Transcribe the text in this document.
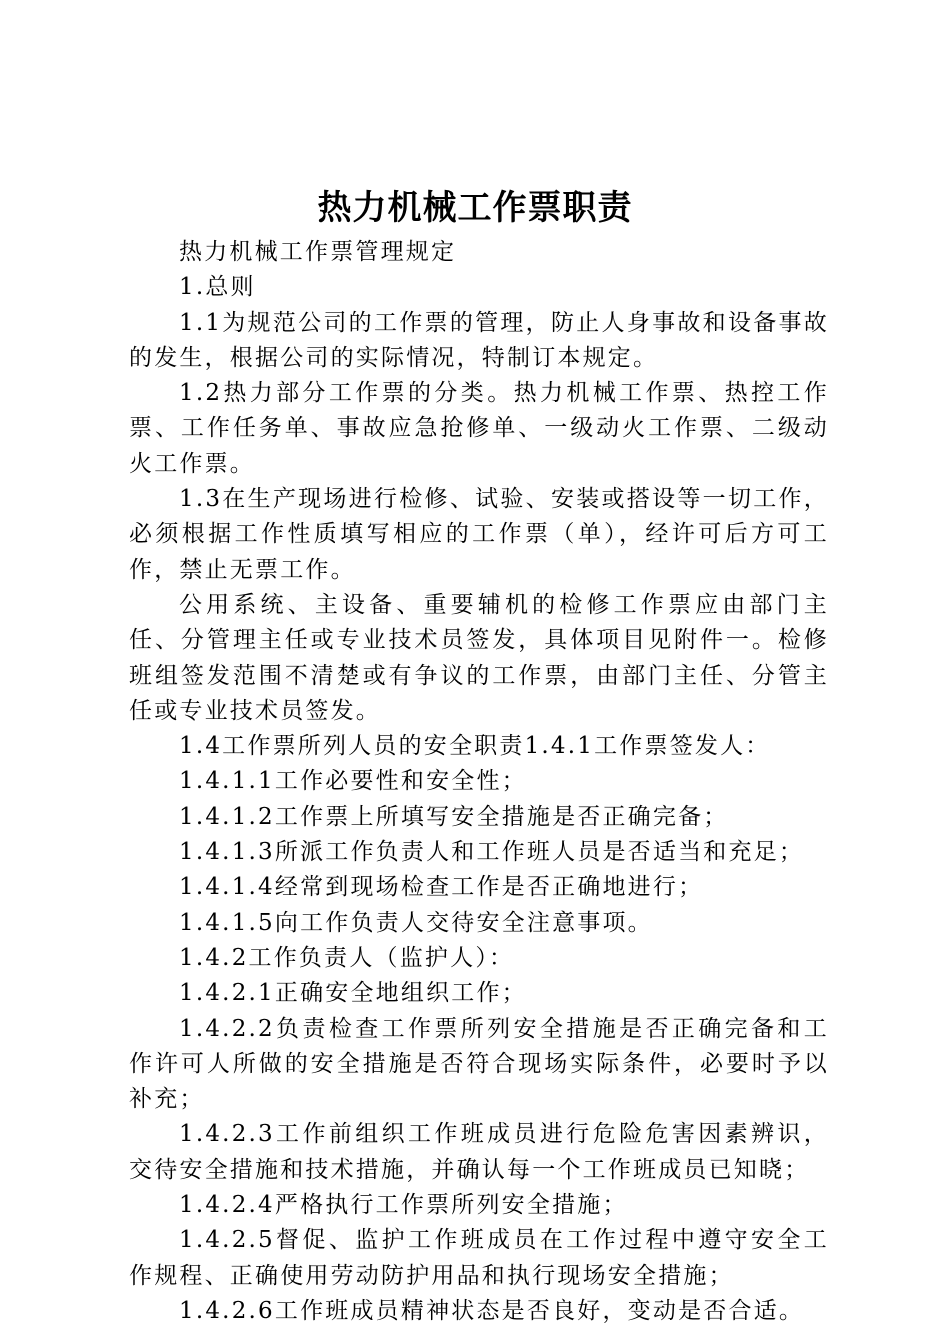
热力机械工作票职责

热力机械工作票管理规定

1.总则

1.1为规范公司的工作票的管理，防止人身事故和设备事故的发生，根据公司的实际情况，特制订本规定。

1.2热力部分工作票的分类。热力机械工作票、热控工作票、工作任务单、事故应急抢修单、一级动火工作票、二级动火工作票。

1.3在生产现场进行检修、试验、安装或搭设等一切工作，必须根据工作性质填写相应的工作票（单），经许可后方可工作，禁止无票工作。

公用系统、主设备、重要辅机的检修工作票应由部门主任、分管理主任或专业技术员签发，具体项目见附件一。检修班组签发范围不清楚或有争议的工作票，由部门主任、分管主任或专业技术员签发。

1.4工作票所列人员的安全职责1.4.1工作票签发人：

1.4.1.1工作必要性和安全性；

1.4.1.2工作票上所填写安全措施是否正确完备；

1.4.1.3所派工作负责人和工作班人员是否适当和充足；

1.4.1.4经常到现场检查工作是否正确地进行；

1.4.1.5向工作负责人交待安全注意事项。

1.4.2工作负责人（监护人）：

1.4.2.1正确安全地组织工作；

1.4.2.2负责检查工作票所列安全措施是否正确完备和工作许可人所做的安全措施是否符合现场实际条件，必要时予以补充；

1.4.2.3工作前组织工作班成员进行危险危害因素辨识，交待安全措施和技术措施，并确认每一个工作班成员已知晓；

1.4.2.4严格执行工作票所列安全措施；

1.4.2.5督促、监护工作班成员在工作过程中遵守安全工作规程、正确使用劳动防护用品和执行现场安全措施；

1.4.2.6工作班成员精神状态是否良好，变动是否合适。
